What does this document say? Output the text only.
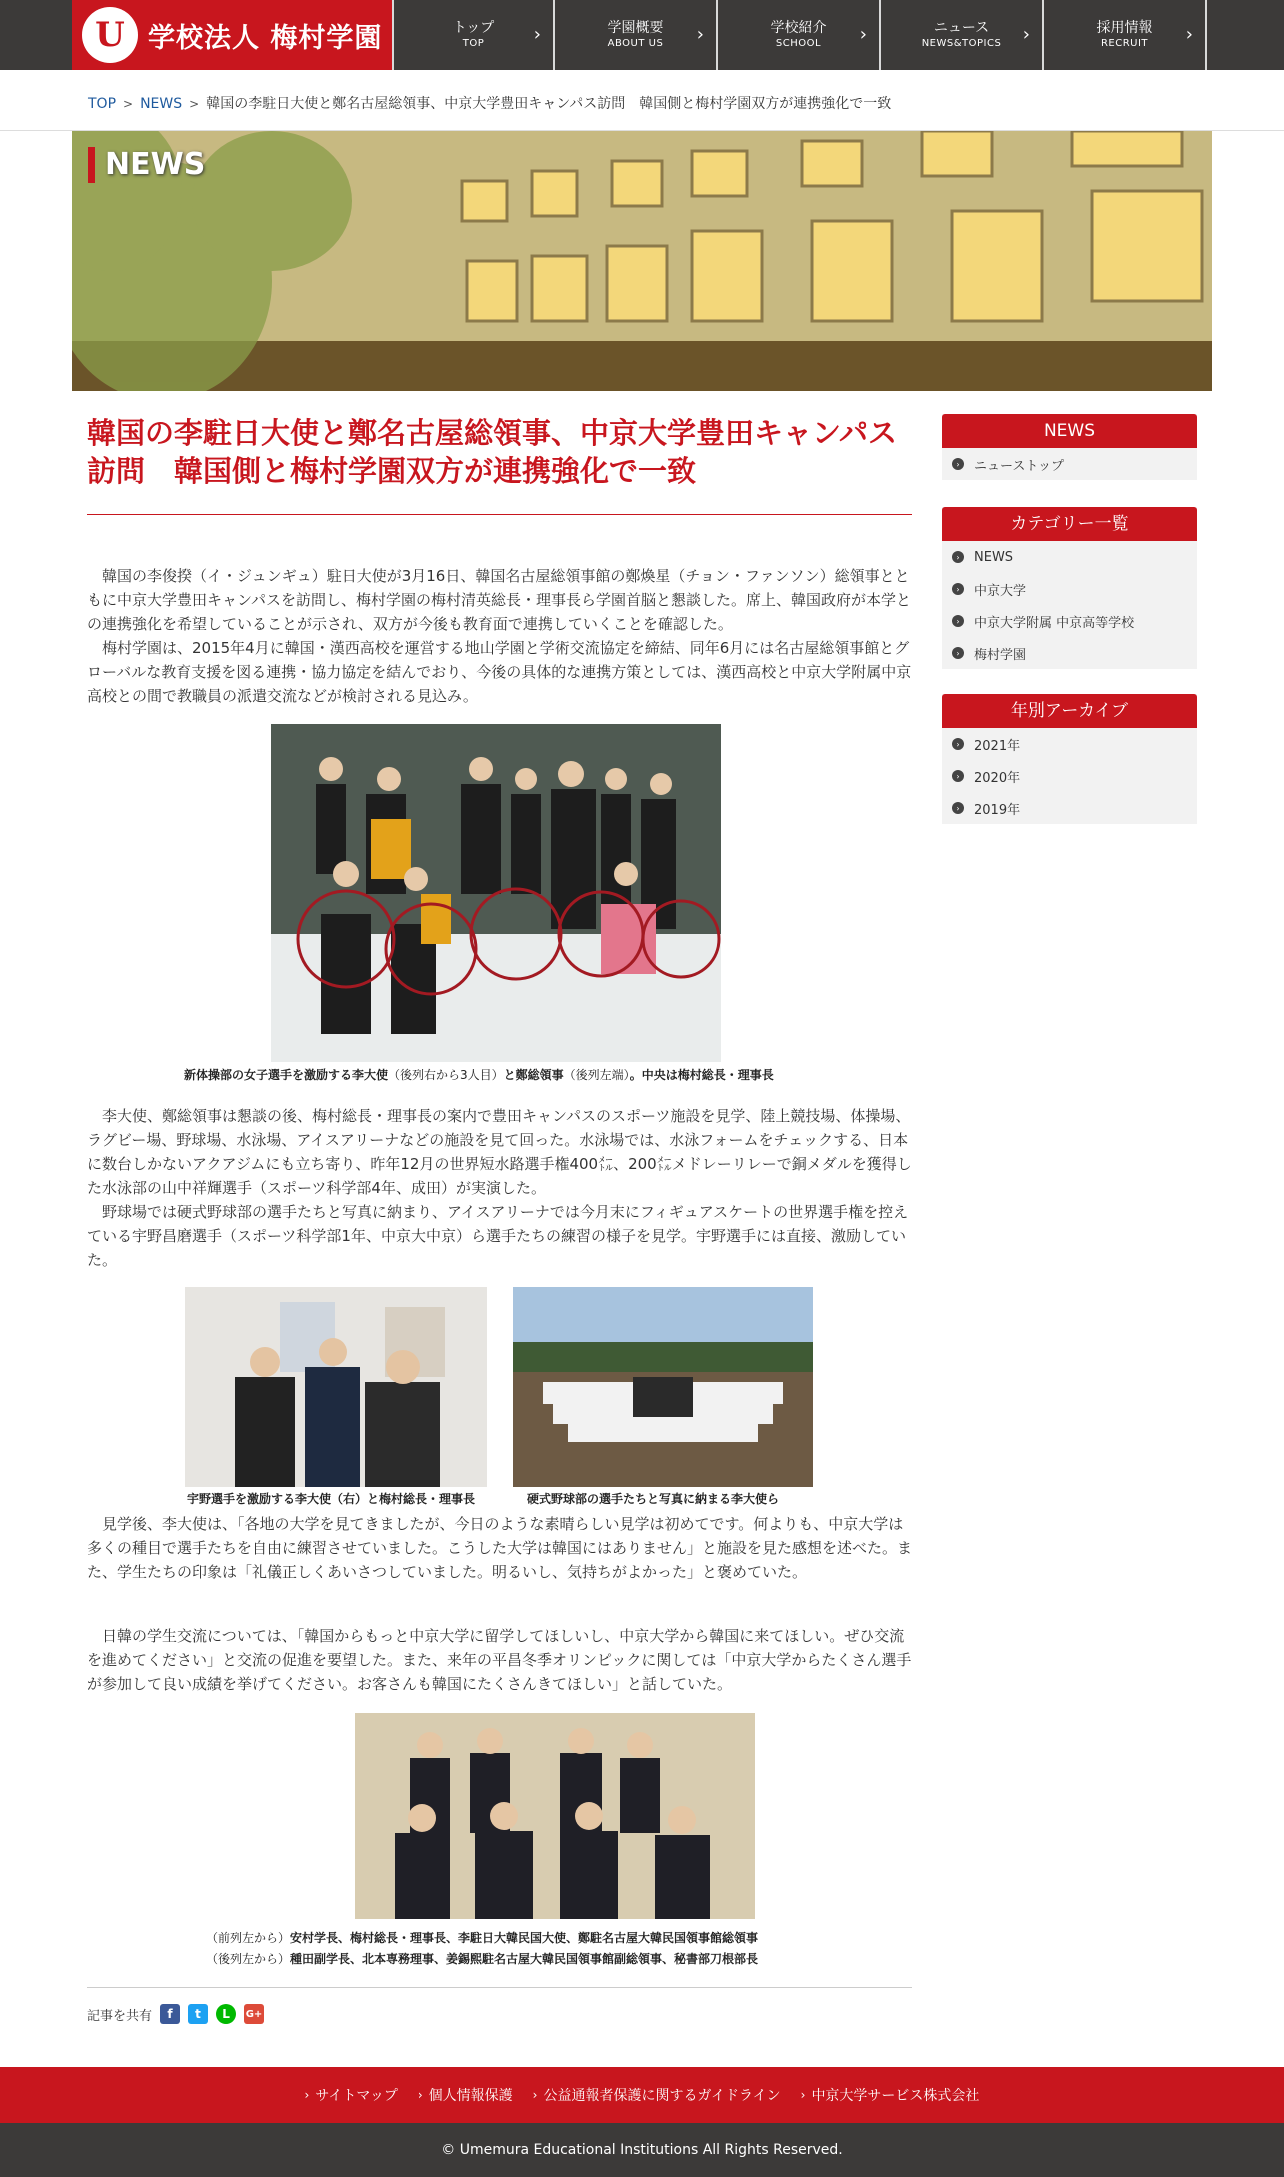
U 学校法人 梅村学園	トップ
TOP	›	学園概要
ABOUT US ›	学校紹介
SCHOOL ›	ニュース
NEWS&TOPICS ›	採用情報
RECRUIT ›
TOP > NEWS > 韓国の李駐日大使と鄭名古屋総領事、中京大学豊田キャンパス訪問　韓国側と梅村学園双方が連携強化で一致
NEWS
韓国の李駐日大使と鄭名古屋総領事、中京大学豊田キャンパス訪問　韓国側と梅村学園双方が連携強化で一致

韓国の李俊揆（イ・ジュンギュ）駐日大使が3月16日、韓国名古屋総領事館の鄭煥星（チョン・ファンソン）総領事とともに中京大学豊田キャンパスを訪問し、梅村学園の梅村清英総長・理事長ら学園首脳と懇談した。席上、韓国政府が本学との連携強化を希望していることが示され、双方が今後も教育面で連携していくことを確認した。

梅村学園は、2015年4月に韓国・漢西高校を運営する地山学園と学術交流協定を締結、同年6月には名古屋総領事館とグローバルな教育支援を図る連携・協力協定を結んでおり、今後の具体的な連携方策としては、漢西高校と中京大学附属中京高校との間で教職員の派遣交流などが検討される見込み。

新体操部の女子選手を激励する李大使（後列右から3人目）と鄭総領事（後列左端）。中央は梅村総長・理事長

李大使、鄭総領事は懇談の後、梅村総長・理事長の案内で豊田キャンパスのスポーツ施設を見学、陸上競技場、体操場、ラグビー場、野球場、水泳場、アイスアリーナなどの施設を見て回った。水泳場では、水泳フォームをチェックする、日本に数台しかないアクアジムにも立ち寄り、昨年12月の世界短水路選手権400㍍、200㍍メドレーリレーで銅メダルを獲得した水泳部の山中祥輝選手（スポーツ科学部4年、成田）が実演した。

野球場では硬式野球部の選手たちと写真に納まり、アイスアリーナでは今月末にフィギュアスケートの世界選手権を控えている宇野昌磨選手（スポーツ科学部1年、中京大中京）ら選手たちの練習の様子を見学。宇野選手には直接、激励していた。

宇野選手を激励する李大使（右）と梅村総長・理事長	硬式野球部の選手たちと写真に納まる李大使ら

見学後、李大使は、「各地の大学を見てきましたが、今日のような素晴らしい見学は初めてです。何よりも、中京大学は多くの種目で選手たちを自由に練習させていました。こうした大学は韓国にはありません」と施設を見た感想を述べた。また、学生たちの印象は「礼儀正しくあいさつしていました。明るいし、気持ちがよかった」と褒めていた。

日韓の学生交流については、「韓国からもっと中京大学に留学してほしいし、中京大学から韓国に来てほしい。ぜひ交流を進めてください」と交流の促進を要望した。また、来年の平昌冬季オリンピックに関しては「中京大学からたくさん選手が参加して良い成績を挙げてください。お客さんも韓国にたくさんきてほしい」と話していた。

（前列左から）安村学長、梅村総長・理事長、李駐日大韓民国大使、鄭駐名古屋大韓民国領事館総領事
（後列左から）種田副学長、北本専務理事、姜錫熙駐名古屋大韓民国領事館副総領事、秘書部刀根部長
記事を共有	f	t	L	G+
NEWS
›	ニューストップ
カテゴリー一覧
›	NEWS
›	中京大学
›	中京大学附属 中京高等学校
›	梅村学園
年別アーカイブ
›	2021年
›	2020年
›	2019年
› サイトマップ › 個人情報保護 › 公益通報者保護に関するガイドライン › 中京大学サービス株式会社
© Umemura Educational Institutions All Rights Reserved.
